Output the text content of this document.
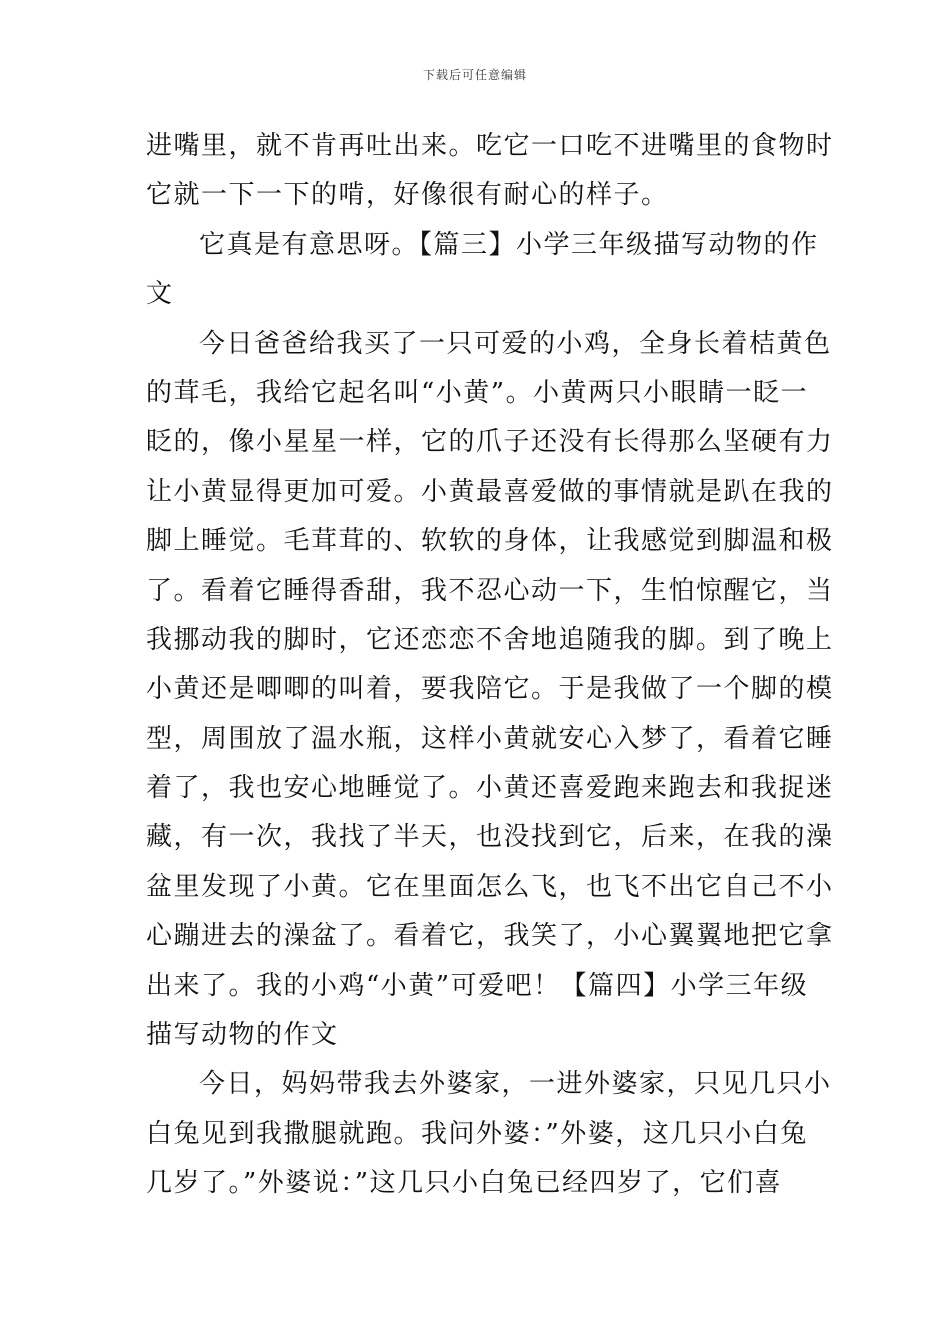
下载后可任意编辑
进嘴里，就不肯再吐出来。吃它一口吃不进嘴里的食物时
它就一下一下的啃，好像很有耐心的样子。
它真是有意思呀。【篇三】小学三年级描写动物的作
文
今日爸爸给我买了一只可爱的小鸡，全身长着桔黄色
的茸毛，我给它起名叫“小黄”。小黄两只小眼睛一眨一
眨的，像小星星一样，它的爪子还没有长得那么坚硬有力
让小黄显得更加可爱。小黄最喜爱做的事情就是趴在我的
脚上睡觉。毛茸茸的、软软的身体，让我感觉到脚温和极
了。看着它睡得香甜，我不忍心动一下，生怕惊醒它，当
我挪动我的脚时，它还恋恋不舍地追随我的脚。到了晚上
小黄还是唧唧的叫着，要我陪它。于是我做了一个脚的模
型，周围放了温水瓶，这样小黄就安心入梦了，看着它睡
着了，我也安心地睡觉了。小黄还喜爱跑来跑去和我捉迷
藏，有一次，我找了半天，也没找到它，后来，在我的澡
盆里发现了小黄。它在里面怎么飞，也飞不出它自己不小
心蹦进去的澡盆了。看着它，我笑了，小心翼翼地把它拿
出来了。我的小鸡“小黄”可爱吧！【篇四】小学三年级
描写动物的作文
今日，妈妈带我去外婆家，一进外婆家，只见几只小
白兔见到我撒腿就跑。我问外婆：”外婆，这几只小白兔
几岁了。”外婆说：”这几只小白兔已经四岁了，它们喜
